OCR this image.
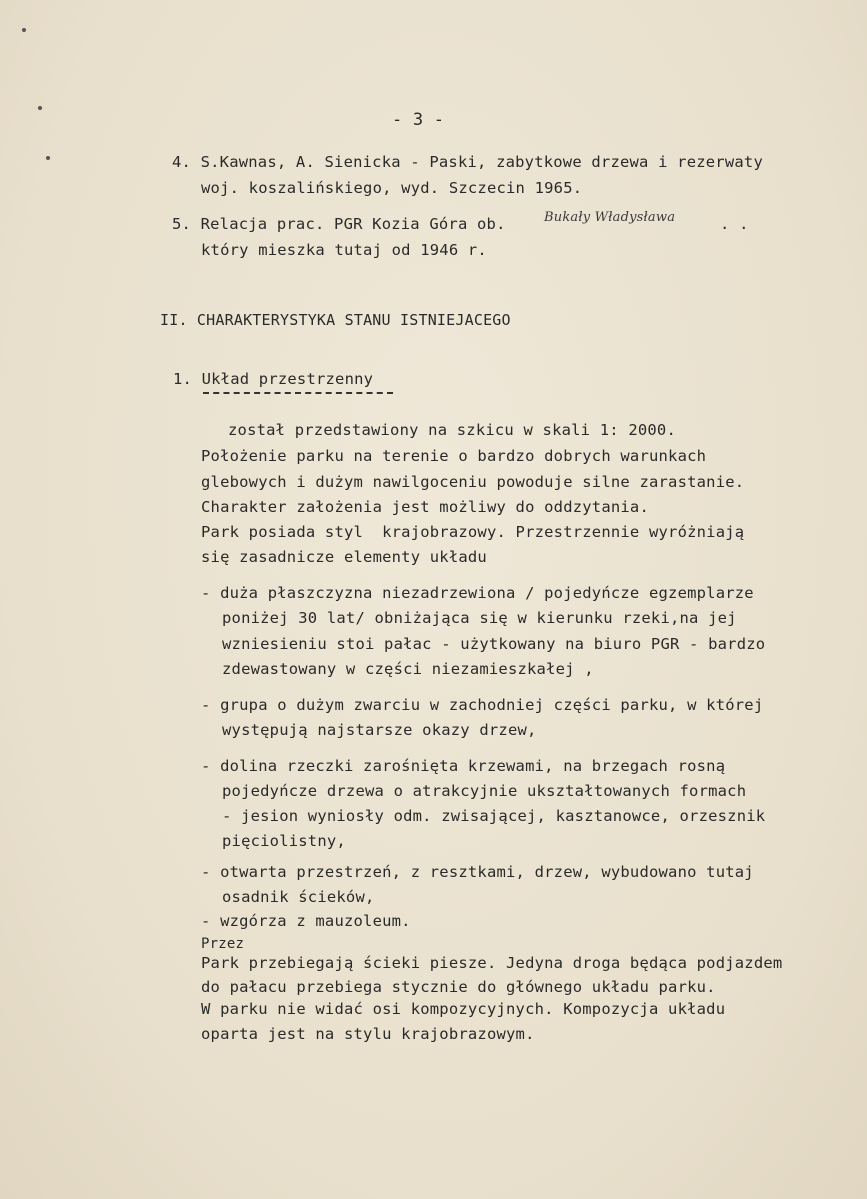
- 3 -
4. S.Kawnas, A. Sienicka - Paski, zabytkowe drzewa i rezerwaty
woj. koszalińskiego, wyd. Szczecin 1965.
5. Relacja prac. PGR Kozia Góra ob.	Bukały Władysława	. .
który mieszka tutaj od 1946 r.
II. CHARAKTERYSTYKA STANU ISTNIEJACEGO
1. Układ przestrzenny
został przedstawiony na szkicu w skali 1: 2000.
Położenie parku na terenie o bardzo dobrych warunkach
glebowych i dużym nawilgoceniu powoduje silne zarastanie.
Charakter założenia jest możliwy do oddzytania.
Park posiada styl  krajobrazowy. Przestrzennie wyróżniają
się zasadnicze elementy układu
- duża płaszczyzna niezadrzewiona / pojedyńcze egzemplarze
poniżej 30 lat/ obniżająca się w kierunku rzeki,na jej
wzniesieniu stoi pałac - użytkowany na biuro PGR - bardzo
zdewastowany w części niezamieszkałej ,
- grupa o dużym zwarciu w zachodniej części parku, w której
występują najstarsze okazy drzew,
- dolina rzeczki zarośnięta krzewami, na brzegach rosną
pojedyńcze drzewa o atrakcyjnie ukształtowanych formach
- jesion wyniosły odm. zwisającej, kasztanowce, orzesznik
pięciolistny,
- otwarta przestrzeń, z resztkami, drzew, wybudowano tutaj
osadnik ścieków,
- wzgórza z mauzoleum.
Przez
Park przebiegają ścieki piesze. Jedyna droga będąca podjazdem
do pałacu przebiega stycznie do głównego układu parku.
W parku nie widać osi kompozycyjnych. Kompozycja układu
oparta jest na stylu krajobrazowym.
